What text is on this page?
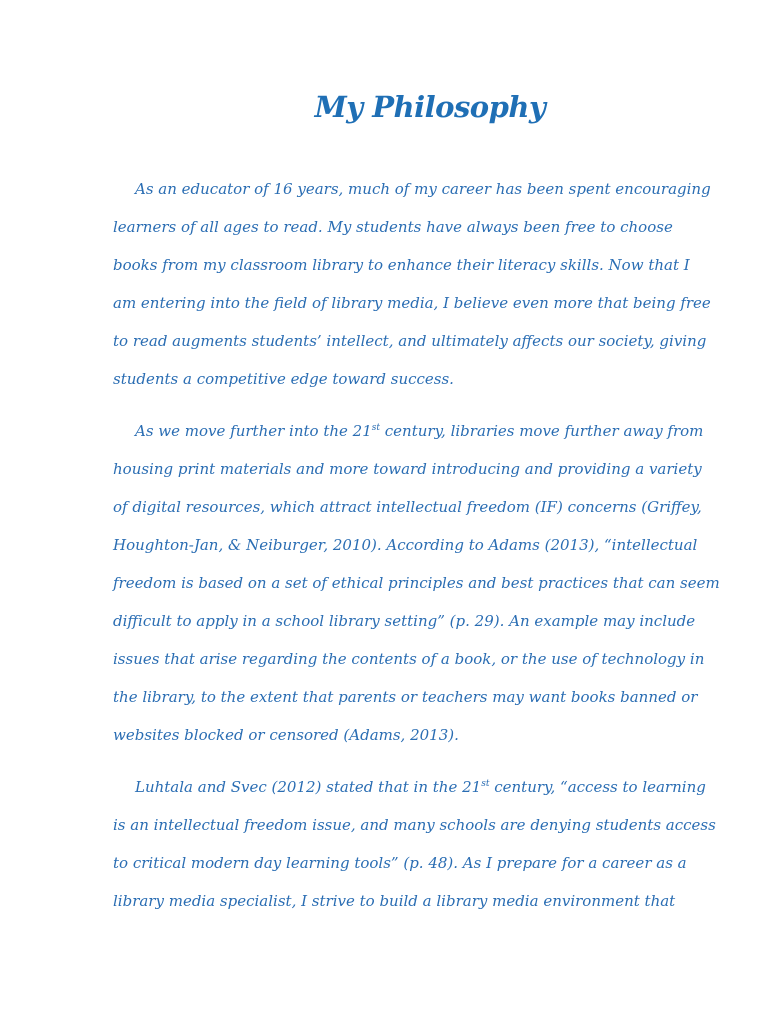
My Philosophy
As an educator of 16 years, much of my career has been spent encouraging
learners of all ages to read. My students have always been free to choose
books from my classroom library to enhance their literacy skills. Now that I
am entering into the field of library media, I believe even more that being free
to read augments students’ intellect, and ultimately affects our society, giving
students a competitive edge toward success.
As we move further into the 21st century, libraries move further away from
housing print materials and more toward introducing and providing a variety
of digital resources, which attract intellectual freedom (IF) concerns (Griffey,
Houghton-Jan, & Neiburger, 2010). According to Adams (2013), “intellectual
freedom is based on a set of ethical principles and best practices that can seem
difficult to apply in a school library setting” (p. 29). An example may include
issues that arise regarding the contents of a book, or the use of technology in
the library, to the extent that parents or teachers may want books banned or
websites blocked or censored (Adams, 2013).
Luhtala and Svec (2012) stated that in the 21st century, “access to learning
is an intellectual freedom issue, and many schools are denying students access
to critical modern day learning tools” (p. 48). As I prepare for a career as a
library media specialist, I strive to build a library media environment that
